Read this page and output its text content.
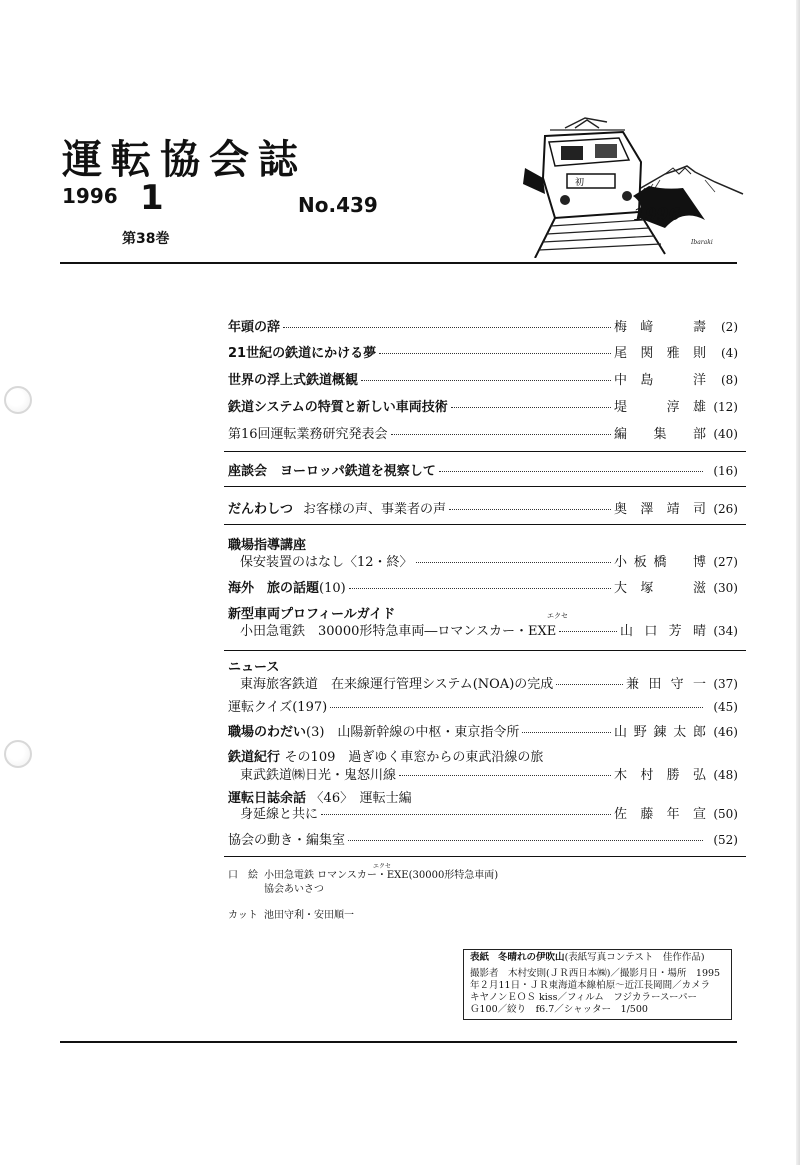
運転協会誌
1996 1
第38巻
No.439
初
1996
Ibaraki
年頭の辞	梅﨑　壽	(2)
21世紀の鉄道にかける夢	尾関雅則	(4)
世界の浮上式鉄道概観	中島　洋	(8)
鉄道システムの特質と新しい車両技術	堤　淳雄 (12)
第16回運転業務研究発表会	編集部 (40)
座談会　ヨーロッパ鉄道を視察して	(16)
だんわしつ お客様の声、事業者の声	奥澤靖司 (26)
職場指導講座
保安装置のはなし〈12・終〉	小板橋　博 (27)
海外　旅の話題 (10)	大塚　滋 (30)
新型車両プロフィールガイド	エクセ
小田急電鉄　30000形特急車両―ロマンスカー・EXE	山口芳晴 (34)
ニュース
東海旅客鉄道　在来線運行管理システム(NOA)の完成	兼田守一 (37)
運転クイズ(197)	(45)
職場のわだい (3)　山陽新幹線の中枢・東京指令所	山野錬太郎 (46)
鉄道紀行 その109　過ぎゆく車窓からの東武沿線の旅
東武鉄道㈱日光・鬼怒川線	木村勝弘 (48)
運転日誌余話 〈46〉　運転士編
身延線と共に	佐藤年宣 (50)
協会の動き・編集室	(52)
口　絵
エクセ
小田急電鉄 ロマンスカー・EXE(30000形特急車両)
協会あいさつ
カット 池田守利・安田順一
表紙 冬晴れの伊吹山(表紙写真コンテスト　佳作作品)
撮影者　木村安則(ＪＲ西日本㈱)／撮影月日・場所　1995
年２月11日・ＪＲ東海道本線柏原～近江長岡間／カメラ
キヤノンＥＯＳ kiss／フィルム　フジカラースーパー
Ｇ100／絞り　f6.7／シャッター　1/500
